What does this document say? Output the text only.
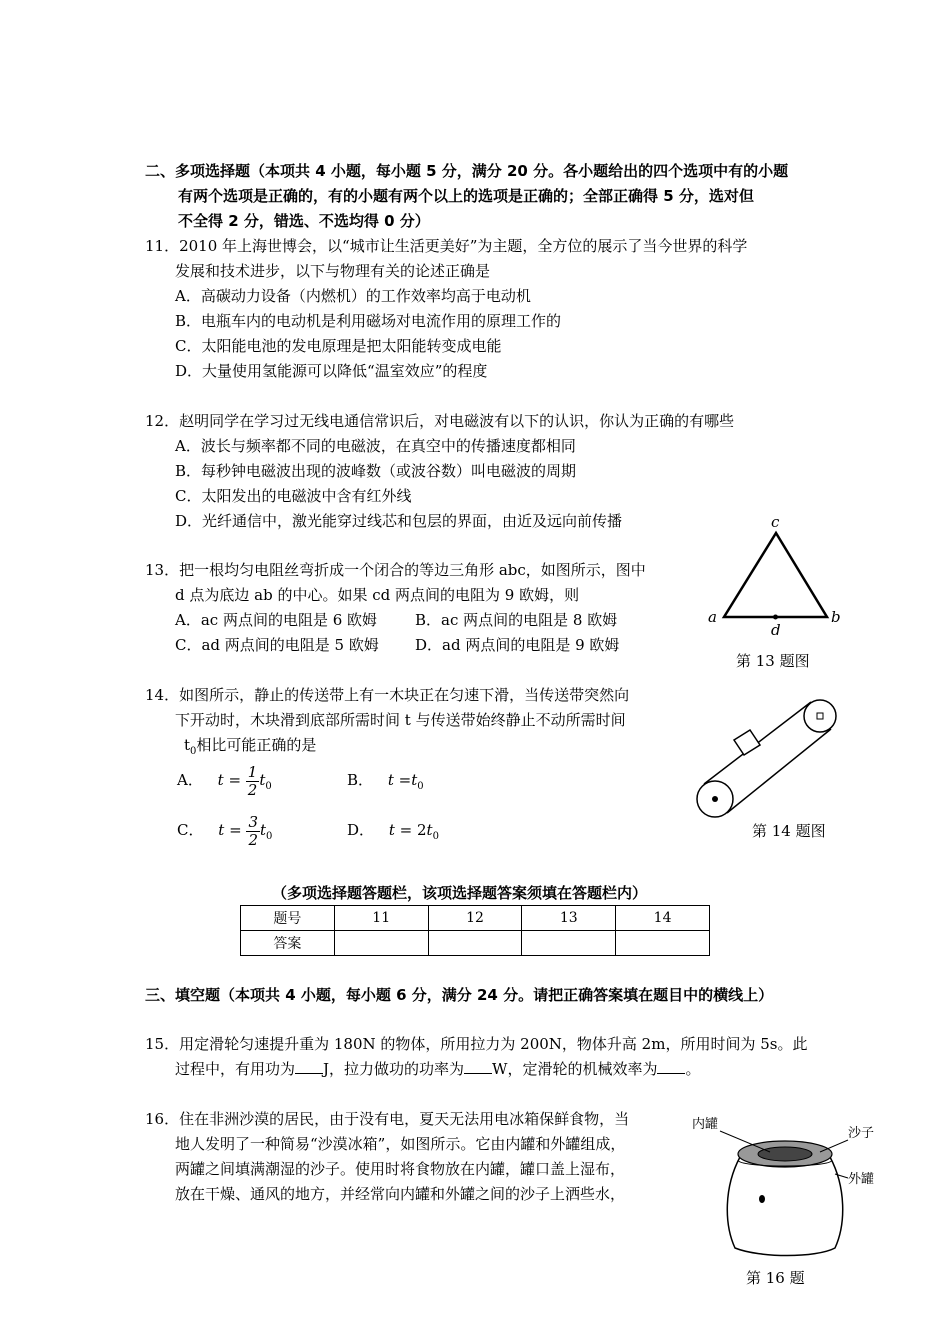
二、多项选择题（本项共 4 小题，每小题 5 分，满分 20 分。各小题给出的四个选项中有的小题
有两个选项是正确的，有的小题有两个以上的选项是正确的；全部正确得 5 分，选对但
不全得 2 分，错选、不选均得 0 分）
11．2010 年上海世博会，以“城市让生活更美好”为主题，全方位的展示了当今世界的科学
发展和技术进步，以下与物理有关的论述正确是
A．高碳动力设备（内燃机）的工作效率均高于电动机
B．电瓶车内的电动机是利用磁场对电流作用的原理工作的
C．太阳能电池的发电原理是把太阳能转变成电能
D．大量使用氢能源可以降低“温室效应”的程度
12．赵明同学在学习过无线电通信常识后，对电磁波有以下的认识，你认为正确的有哪些
A．波长与频率都不同的电磁波，在真空中的传播速度都相同
B．每秒钟电磁波出现的波峰数（或波谷数）叫电磁波的周期
C．太阳发出的电磁波中含有红外线
D．光纤通信中，激光能穿过线芯和包层的界面，由近及远向前传播
13．把一根均匀电阻丝弯折成一个闭合的等边三角形 abc，如图所示，图中
d 点为底边 ab 的中心。如果 cd 两点间的电阻为 9 欧姆，则
A．ac 两点间的电阻是 6 欧姆	B．ac 两点间的电阻是 8 欧姆
C．ad 两点间的电阻是 5 欧姆 D．ad 两点间的电阻是 9 欧姆
c
a	b
d
第 13 题图
14．如图所示，静止的传送带上有一木块正在匀速下滑，当传送带突然向
下开动时，木块滑到底部所需时间 t 与传送带始终静止不动所需时间
$t_0$相比可能正确的是
A． $t = \frac{1}{2} t_0$	B． $t =t_0$
C． $t = \frac{3}{2} t_0$	D． $t = 2t_0$	第 14 题图
（多项选择题答题栏，该项选择题答案须填在答题栏内）
题号	11	12	13	14
答案				
三、填空题（本项共 4 小题，每小题 6 分，满分 24 分。请把正确答案填在题目中的横线上）
15．用定滑轮匀速提升重为 180N 的物体，所用拉力为 200N，物体升高 2m，所用时间为 5s。此
过程中，有用功为 J，拉力做功的功率为 W，定滑轮的机械效率为 。
16．住在非洲沙漠的居民，由于没有电，夏天无法用电冰箱保鲜食物，当
地人发明了一种简易“沙漠冰箱”，如图所示。它由内罐和外罐组成，
两罐之间填满潮湿的沙子。使用时将食物放在内罐，罐口盖上湿布，
放在干燥、通风的地方，并经常向内罐和外罐之间的沙子上洒些水，
内罐
沙子
外罐
第 16 题
